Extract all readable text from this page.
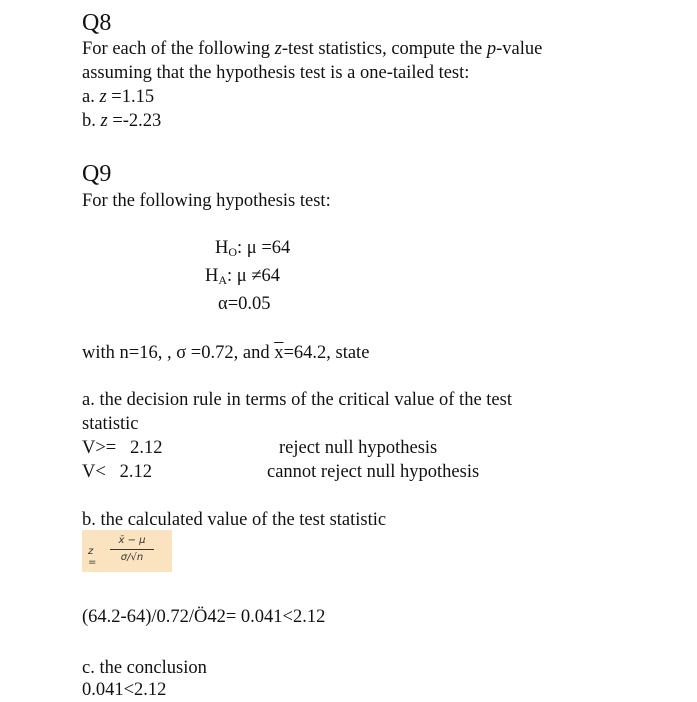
Q8
For each of the following z-test statistics, compute the p-value
assuming that the hypothesis test is a one-tailed test:
a. z =1.15
b. z =-2.23
Q9
For the following hypothesis test:
$H_O$: μ =64
$H_A$: μ ≠64
α=0.05
with n=16, , σ =0.72, and $\overline{x}=64.2$, state
a. the decision rule in terms of the critical value of the test
statistic
V>=   2.12	reject null hypothesis
V<   2.12	cannot reject null hypothesis
b. the calculated value of the test statistic
z =
x̄ − μ
σ/√n
(64.2-64)/0.72/Ö42= 0.041<2.12
c. the conclusion
0.041<2.12
